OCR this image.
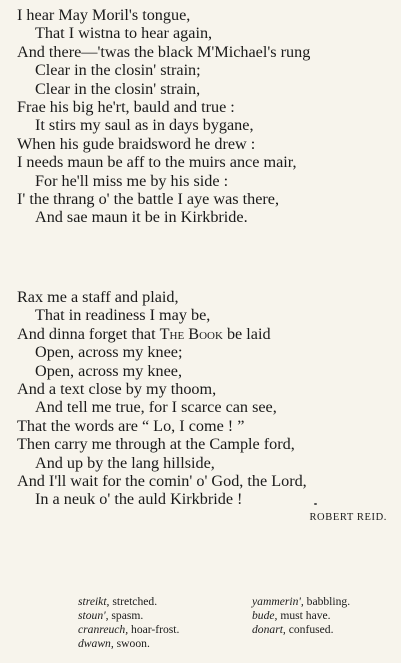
I hear May Moril's tongue,
That I wistna to hear again,
And there—'twas the black M'Michael's rung
Clear in the closin' strain;
Clear in the closin' strain,
Frae his big he'rt, bauld and true :
It stirs my saul as in days bygane,
When his gude braidsword he drew :
I needs maun be aff to the muirs ance mair,
For he'll miss me by his side :
I' the thrang o' the battle I aye was there,
And sae maun it be in Kirkbride.
Rax me a staff and plaid,
That in readiness I may be,
And dinna forget that The Book be laid
Open, across my knee;
Open, across my knee,
And a text close by my thoom,
And tell me true, for I scarce can see,
That the words are “ Lo, I come ! ”
Then carry me through at the Cample ford,
And up by the lang hillside,
And I'll wait for the comin' o' God, the Lord,
In a neuk o' the auld Kirkbride !
ROBERT REID.
streikt, stretched.
stoun', spasm.
cranreuch, hoar-frost.
dwawn, swoon.
yammerin', babbling.
bude, must have.
donart, confused.
